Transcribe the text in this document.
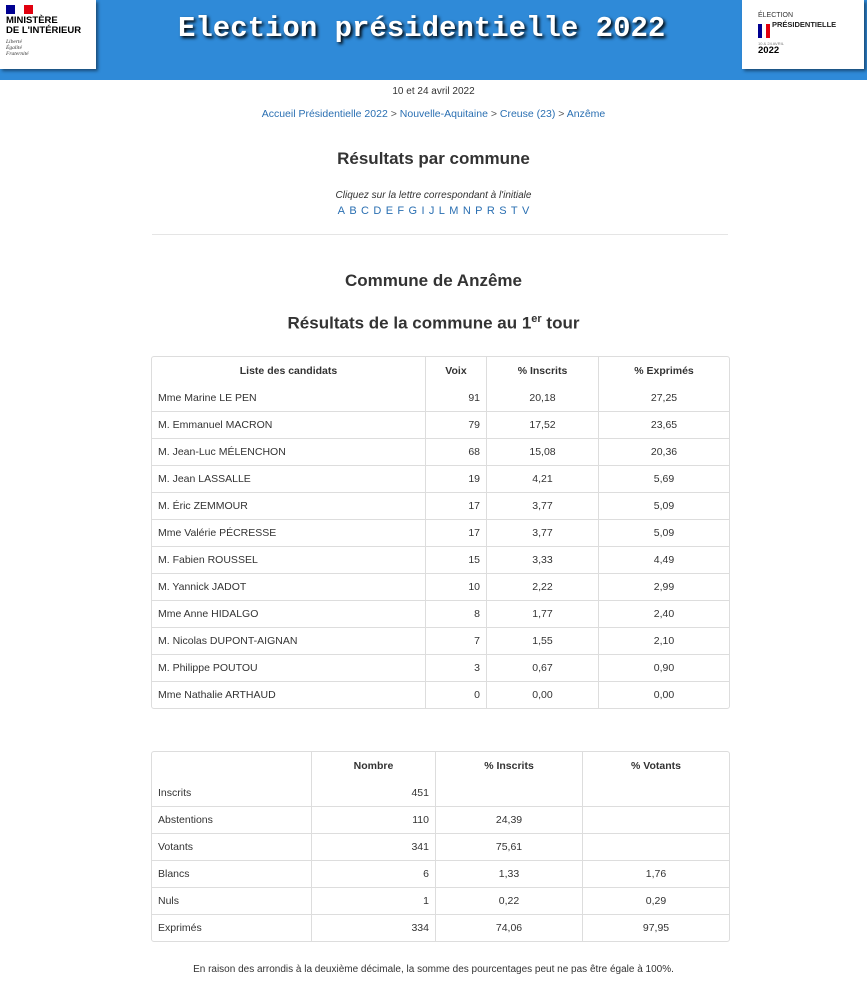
MINISTÈRE
DE L'INTÉRIEUR
Liberté
Égalité
Fraternité
Election présidentielle 2022	ÉLECTION
PRÉSIDENTIELLE
10 & 24 AVRIL
2022
10 et 24 avril 2022
Accueil Présidentielle 2022 > Nouvelle-Aquitaine > Creuse (23) > Anzême
Résultats par commune
Cliquez sur la lettre correspondant à l'initiale
A B C D E F G I J L M N P R S T V
Commune de Anzême
Résultats de la commune au 1er tour
Liste des candidats	Voix	% Inscrits	% Exprimés
Mme Marine LE PEN	91	20,18	27,25
M. Emmanuel MACRON	79	17,52	23,65
M. Jean-Luc MÉLENCHON	68	15,08	20,36
M. Jean LASSALLE	19	4,21	5,69
M. Éric ZEMMOUR	17	3,77	5,09
Mme Valérie PÉCRESSE	17	3,77	5,09
M. Fabien ROUSSEL	15	3,33	4,49
M. Yannick JADOT	10	2,22	2,99
Mme Anne HIDALGO	8	1,77	2,40
M. Nicolas DUPONT-AIGNAN	7	1,55	2,10
M. Philippe POUTOU	3	0,67	0,90
Mme Nathalie ARTHAUD	0	0,00	0,00
	Nombre	% Inscrits	% Votants
Inscrits	451		
Abstentions	110	24,39	
Votants	341	75,61	
Blancs	6	1,33	1,76
Nuls	1	0,22	0,29
Exprimés	334	74,06	97,95
En raison des arrondis à la deuxième décimale, la somme des pourcentages peut ne pas être égale à 100%.
